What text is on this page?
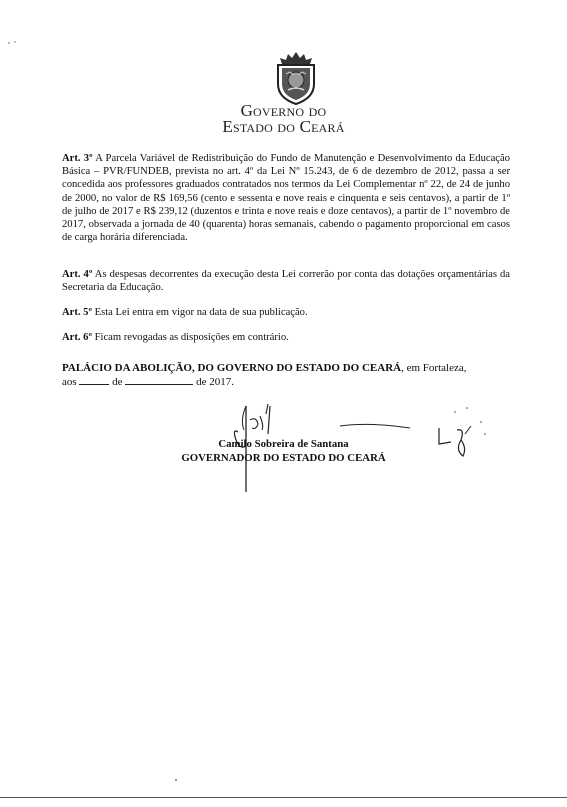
Governo do
Estado do Ceará
Art. 3º A Parcela Variável de Redistribuição do Fundo de Manutenção e Desenvolvimento da Educação Básica – PVR/FUNDEB, prevista no art. 4º da Lei Nº 15.243, de 6 de dezembro de 2012, passa a ser concedida aos professores graduados contratados nos termos da Lei Complementar nº 22, de 24 de junho de 2000, no valor de R$ 169,56 (cento e sessenta e nove reais e cinquenta e seis centavos), a partir de 1º de julho de 2017 e R$ 239,12 (duzentos e trinta e nove reais e doze centavos), a partir de 1º novembro de 2017, observada a jornada de 40 (quarenta) horas semanais, cabendo o pagamento proporcional em casos de carga horária diferenciada.
Art. 4º As despesas decorrentes da execução desta Lei correrão por conta das dotações orçamentárias da Secretaria da Educação.
Art. 5º Esta Lei entra em vigor na data de sua publicação.
Art. 6º Ficam revogadas as disposições em contrário.
PALÁCIO DA ABOLIÇÃO, DO GOVERNO DO ESTADO DO CEARÁ, em Fortaleza,
aos	de	de 2017.
Camilo Sobreira de Santana
GOVERNADOR DO ESTADO DO CEARÁ
